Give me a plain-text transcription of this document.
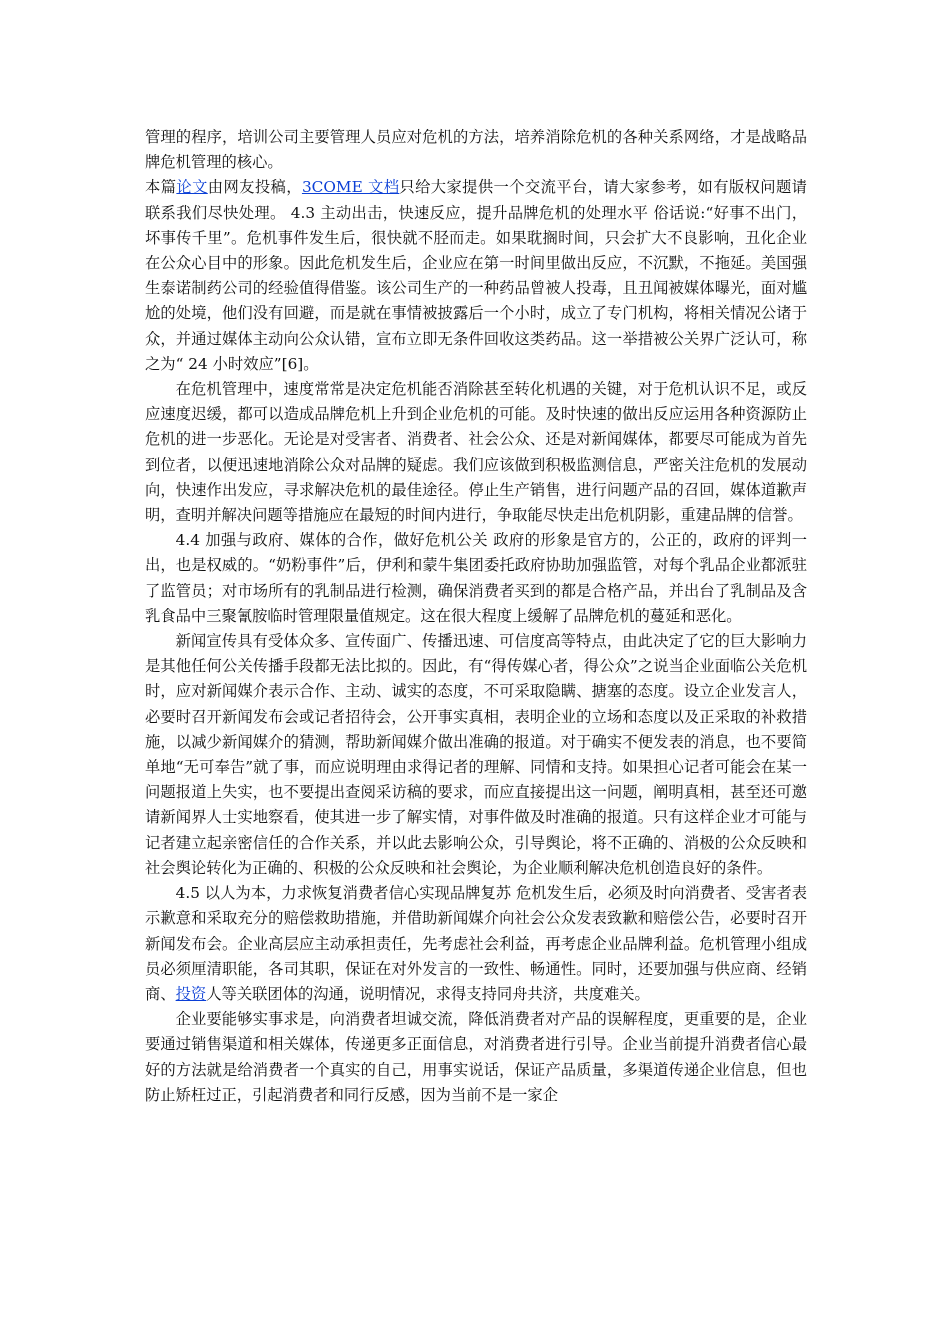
管理的程序，培训公司主要管理人员应对危机的方法，培养消除危机的各种关系网络，才是战略品牌危机管理的核心。

本篇论文由网友投稿，3COME 文档只给大家提供一个交流平台，请大家参考，如有版权问题请联系我们尽快处理。 4.3 主动出击，快速反应，提升品牌危机的处理水平 俗话说:“好事不出门，坏事传千里”。危机事件发生后，很快就不胫而走。如果耽搁时间，只会扩大不良影响，丑化企业在公众心目中的形象。因此危机发生后，企业应在第一时间里做出反应，不沉默，不拖延。美国强生泰诺制药公司的经验值得借鉴。该公司生产的一种药品曾被人投毒，且丑闻被媒体曝光，面对尴尬的处境，他们没有回避，而是就在事情被披露后一个小时，成立了专门机构，将相关情况公诸于众，并通过媒体主动向公众认错，宣布立即无条件回收这类药品。这一举措被公关界广泛认可，称之为“ 24 小时效应”[6]。

在危机管理中，速度常常是决定危机能否消除甚至转化机遇的关键，对于危机认识不足，或反应速度迟缓，都可以造成品牌危机上升到企业危机的可能。及时快速的做出反应运用各种资源防止危机的进一步恶化。无论是对受害者、消费者、社会公众、还是对新闻媒体，都要尽可能成为首先到位者，以便迅速地消除公众对品牌的疑虑。我们应该做到积极监测信息，严密关注危机的发展动向，快速作出发应，寻求解决危机的最佳途径。停止生产销售，进行问题产品的召回，媒体道歉声明，查明并解决问题等措施应在最短的时间内进行，争取能尽快走出危机阴影，重建品牌的信誉。

4.4 加强与政府、媒体的合作，做好危机公关 政府的形象是官方的，公正的，政府的评判一出，也是权威的。“奶粉事件”后，伊利和蒙牛集团委托政府协助加强监管，对每个乳品企业都派驻了监管员；对市场所有的乳制品进行检测，确保消费者买到的都是合格产品，并出台了乳制品及含乳食品中三聚氰胺临时管理限量值规定。这在很大程度上缓解了品牌危机的蔓延和恶化。

新闻宣传具有受体众多、宣传面广、传播迅速、可信度高等特点，由此决定了它的巨大影响力是其他任何公关传播手段都无法比拟的。因此，有“得传媒心者，得公众”之说当企业面临公关危机时，应对新闻媒介表示合作、主动、诚实的态度，不可采取隐瞒、搪塞的态度。设立企业发言人，必要时召开新闻发布会或记者招待会，公开事实真相，表明企业的立场和态度以及正采取的补救措施，以减少新闻媒介的猜测，帮助新闻媒介做出准确的报道。对于确实不便发表的消息，也不要简单地“无可奉告”就了事，而应说明理由求得记者的理解、同情和支持。如果担心记者可能会在某一问题报道上失实，也不要提出查阅采访稿的要求，而应直接提出这一问题，阐明真相，甚至还可邀请新闻界人士实地察看，使其进一步了解实情，对事件做及时准确的报道。只有这样企业才可能与记者建立起亲密信任的合作关系，并以此去影响公众，引导舆论，将不正确的、消极的公众反映和社会舆论转化为正确的、积极的公众反映和社会舆论，为企业顺利解决危机创造良好的条件。

4.5 以人为本，力求恢复消费者信心实现品牌复苏 危机发生后，必须及时向消费者、受害者表示歉意和采取充分的赔偿救助措施，并借助新闻媒介向社会公众发表致歉和赔偿公告，必要时召开新闻发布会。企业高层应主动承担责任，先考虑社会利益，再考虑企业品牌利益。危机管理小组成员必须厘清职能，各司其职，保证在对外发言的一致性、畅通性。同时，还要加强与供应商、经销商、投资人等关联团体的沟通，说明情况，求得支持同舟共济，共度难关。

企业要能够实事求是，向消费者坦诚交流，降低消费者对产品的误解程度，更重要的是，企业要通过销售渠道和相关媒体，传递更多正面信息，对消费者进行引导。企业当前提升消费者信心最好的方法就是给消费者一个真实的自己，用事实说话，保证产品质量，多渠道传递企业信息，但也防止矫枉过正，引起消费者和同行反感，因为当前不是一家企
